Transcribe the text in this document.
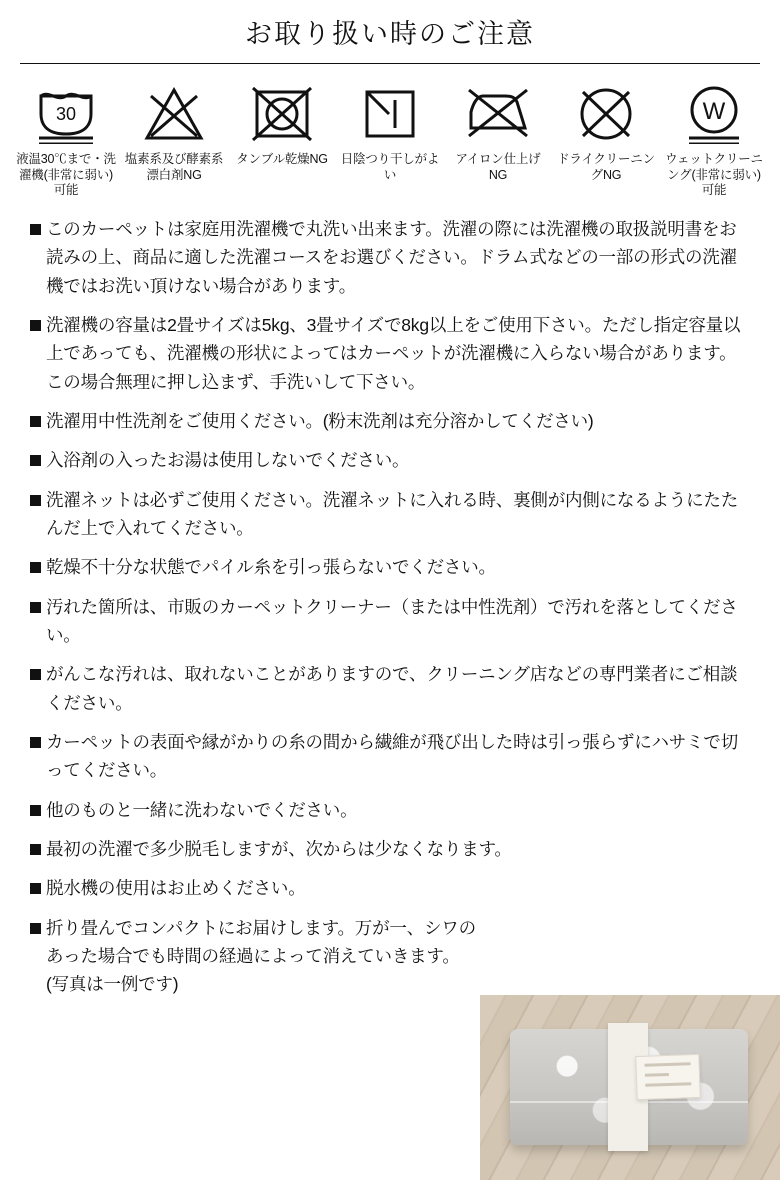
お取り扱い時のご注意
30
液温30℃まで・洗濯機(非常に弱い)可能
塩素系及び酵素系漂白剤NG
タンブル乾燥NG 日陰つり干しがよい
アイロン仕上げNG
ドライクリーニングNG
W
ウェットクリーニング(非常に弱い)可能
このカーペットは家庭用洗濯機で丸洗い出来ます。洗濯の際には洗濯機の取扱説明書をお読みの上、商品に適した洗濯コースをお選びください。ドラム式などの一部の形式の洗濯機ではお洗い頂けない場合があります。
洗濯機の容量は2畳サイズは5kg、3畳サイズで8kg以上をご使用下さい。ただし指定容量以上であっても、洗濯機の形状によってはカーペットが洗濯機に入らない場合があります。この場合無理に押し込まず、手洗いして下さい。
洗濯用中性洗剤をご使用ください。(粉末洗剤は充分溶かしてください)
入浴剤の入ったお湯は使用しないでください。
洗濯ネットは必ずご使用ください。洗濯ネットに入れる時、裏側が内側になるようにたたんだ上で入れてください。
乾燥不十分な状態でパイル糸を引っ張らないでください。
汚れた箇所は、市販のカーペットクリーナー（または中性洗剤）で汚れを落としてください。
がんこな汚れは、取れないことがありますので、クリーニング店などの専門業者にご相談ください。
カーペットの表面や縁がかりの糸の間から繊維が飛び出した時は引っ張らずにハサミで切ってください。
他のものと一緒に洗わないでください。
最初の洗濯で多少脱毛しますが、次からは少なくなります。
脱水機の使用はお止めください。
折り畳んでコンパクトにお届けします。万が一、シワのあった場合でも時間の経過によって消えていきます。(写真は一例です)
